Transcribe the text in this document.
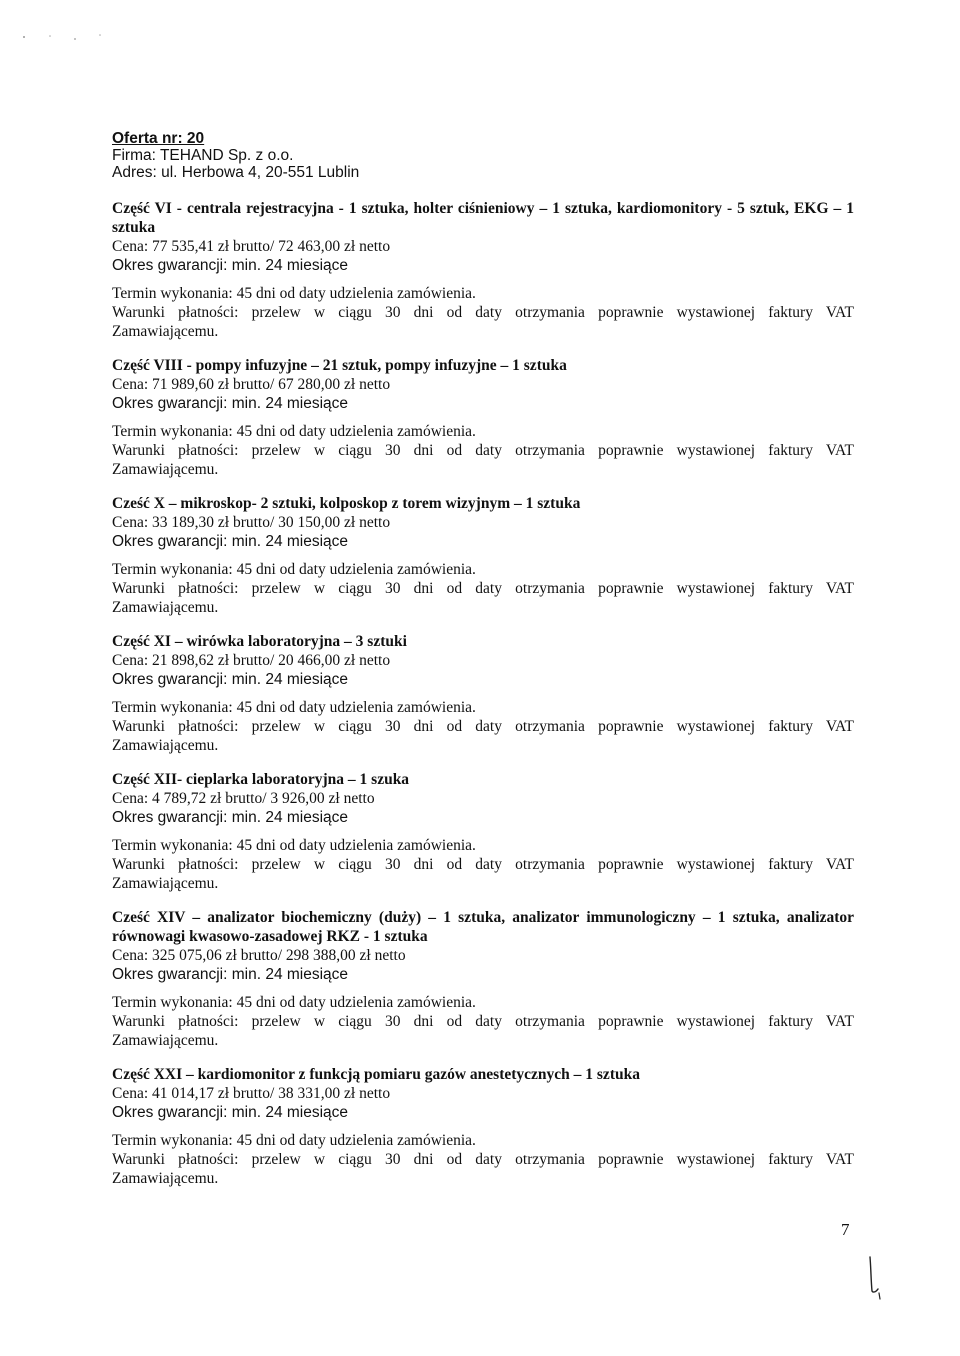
Oferta nr: 20
Firma: TEHAND Sp. z o.o.
Adres: ul. Herbowa 4, 20-551 Lublin
Część VI - centrala rejestracyjna - 1 sztuka, holter ciśnieniowy – 1 sztuka, kardiomonitory - 5 sztuk, EKG – 1 sztuka
Cena: 77 535,41 zł brutto/ 72 463,00 zł netto
Okres gwarancji: min. 24 miesiące
Termin wykonania: 45 dni od daty udzielenia zamówienia.
Warunki płatności: przelew w ciągu 30 dni od daty otrzymania poprawnie wystawionej faktury VAT
Zamawiającemu.
Część VIII - pompy infuzyjne – 21 sztuk, pompy infuzyjne – 1 sztuka
Cena: 71 989,60 zł brutto/ 67 280,00 zł netto
Okres gwarancji: min. 24 miesiące
Termin wykonania: 45 dni od daty udzielenia zamówienia.
Warunki płatności: przelew w ciągu 30 dni od daty otrzymania poprawnie wystawionej faktury VAT
Zamawiającemu.
Cześć X – mikroskop- 2 sztuki, kolposkop z torem wizyjnym – 1 sztuka
Cena: 33 189,30 zł brutto/ 30 150,00 zł netto
Okres gwarancji: min. 24 miesiące
Termin wykonania: 45 dni od daty udzielenia zamówienia.
Warunki płatności: przelew w ciągu 30 dni od daty otrzymania poprawnie wystawionej faktury VAT
Zamawiającemu.
Część XI – wirówka laboratoryjna – 3 sztuki
Cena: 21 898,62 zł brutto/ 20 466,00 zł netto
Okres gwarancji: min. 24 miesiące
Termin wykonania: 45 dni od daty udzielenia zamówienia.
Warunki płatności: przelew w ciągu 30 dni od daty otrzymania poprawnie wystawionej faktury VAT
Zamawiającemu.
Część XII- cieplarka laboratoryjna – 1 szuka
Cena: 4 789,72 zł brutto/ 3 926,00 zł netto
Okres gwarancji: min. 24 miesiące
Termin wykonania: 45 dni od daty udzielenia zamówienia.
Warunki płatności: przelew w ciągu 30 dni od daty otrzymania poprawnie wystawionej faktury VAT
Zamawiającemu.
Cześć XIV – analizator biochemiczny (duży) – 1 sztuka, analizator immunologiczny – 1 sztuka, analizator równowagi kwasowo-zasadowej RKZ - 1 sztuka
Cena: 325 075,06 zł brutto/ 298 388,00 zł netto
Okres gwarancji: min. 24 miesiące
Termin wykonania: 45 dni od daty udzielenia zamówienia.
Warunki płatności: przelew w ciągu 30 dni od daty otrzymania poprawnie wystawionej faktury VAT
Zamawiającemu.
Część XXI – kardiomonitor z funkcją pomiaru gazów anestetycznych – 1 sztuka
Cena: 41 014,17 zł brutto/ 38 331,00 zł netto
Okres gwarancji: min. 24 miesiące
Termin wykonania: 45 dni od daty udzielenia zamówienia.
Warunki płatności: przelew w ciągu 30 dni od daty otrzymania poprawnie wystawionej faktury VAT
Zamawiającemu.
7
